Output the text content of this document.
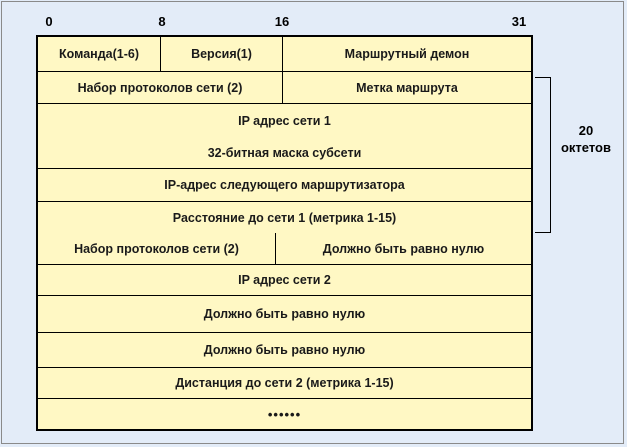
0	8	16	31
Команда(1-6)	Версия(1)	Маршрутный демон
Набор протоколов сети (2)	Метка маршрута
IP адрес сети 1
32-битная маска субсети
IP-адрес следующего маршрутизатора
Расстояние до сети 1 (метрика 1-15)
Набор протоколов сети (2)	Должно быть равно нулю
IP адрес сети 2
Должно быть равно нулю
Должно быть равно нулю
Дистанция до сети 2 (метрика 1-15)
••••••
20
октетов
